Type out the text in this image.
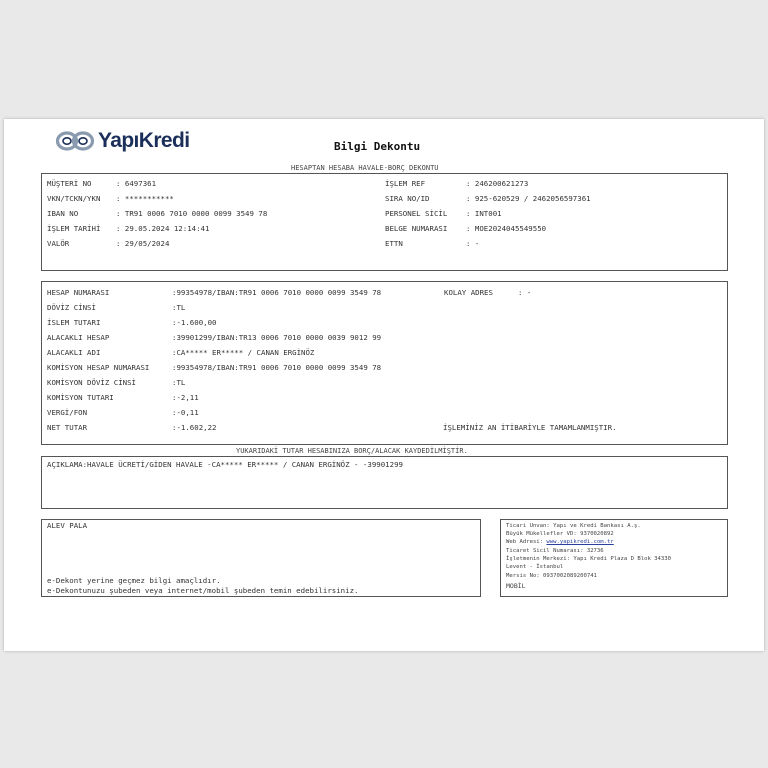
YapıKredi	Bilgi Dekontu
HESAPTAN HESABA HAVALE-BORÇ DEKONTU
MÜŞTERİ NO	: 6497361
VKN/TCKN/YKN : ***********
IBAN NO	: TR91 0006 7010 0000 0099 3549 78
İŞLEM TARİHİ : 29.05.2024 12:14:41
VALÖR	: 29/05/2024
İŞLEM REF	: 246200621273
SIRA NO/ID	: 925-620529 / 2462056597361
PERSONEL SİCİL	: INT001
BELGE NUMARASI	: MOE2024045549550
ETTN	: -
HESAP NUMARASI	:99354978/IBAN:TR91 0006 7010 0000 0099 3549 78
DÖVİZ CİNSİ	:TL
İSLEM TUTARI	:-1.600,00
ALACAKLI HESAP	:39901299/IBAN:TR13 0006 7010 0000 0039 9012 99
ALACAKLI ADI	:CA***** ER***** / CANAN ERGİNÖZ
KOMİSYON HESAP NUMARASI	:99354978/IBAN:TR91 0006 7010 0000 0099 3549 78
KOMİSYON DÖVİZ CİNSİ	:TL
KOMİSYON TUTARI	:-2,11
VERGİ/FON	:-0,11
NET TUTAR	:-1.602,22
KOLAY ADRES	: -
İŞLEMİNİZ AN İTİBARİYLE TAMAMLANMIŞTIR.
YUKARIDAKİ TUTAR HESABINIZA BORÇ/ALACAK KAYDEDİLMİŞTİR.
AÇIKLAMA:HAVALE ÜCRETİ/GİDEN HAVALE -CA***** ER***** / CANAN ERGİNÖZ - -39901299
ALEV PALA
e-Dekont yerine geçmez bilgi amaçlıdır.
e-Dekontunuzu şubeden veya internet/mobil şubeden temin edebilirsiniz.
Ticari Unvan: Yapı ve Kredi Bankası A.ş.
Büyük Mükellefler VD: 9370020892
Web Adresi: www.yapikredi.com.tr
Ticaret Sicil Numarası: 32736
İşletmenin Merkezi: Yapı Kredi Plaza D Blok 34330
Levent - İstanbul
Mersis No: 0937002089200741
MOBİL
